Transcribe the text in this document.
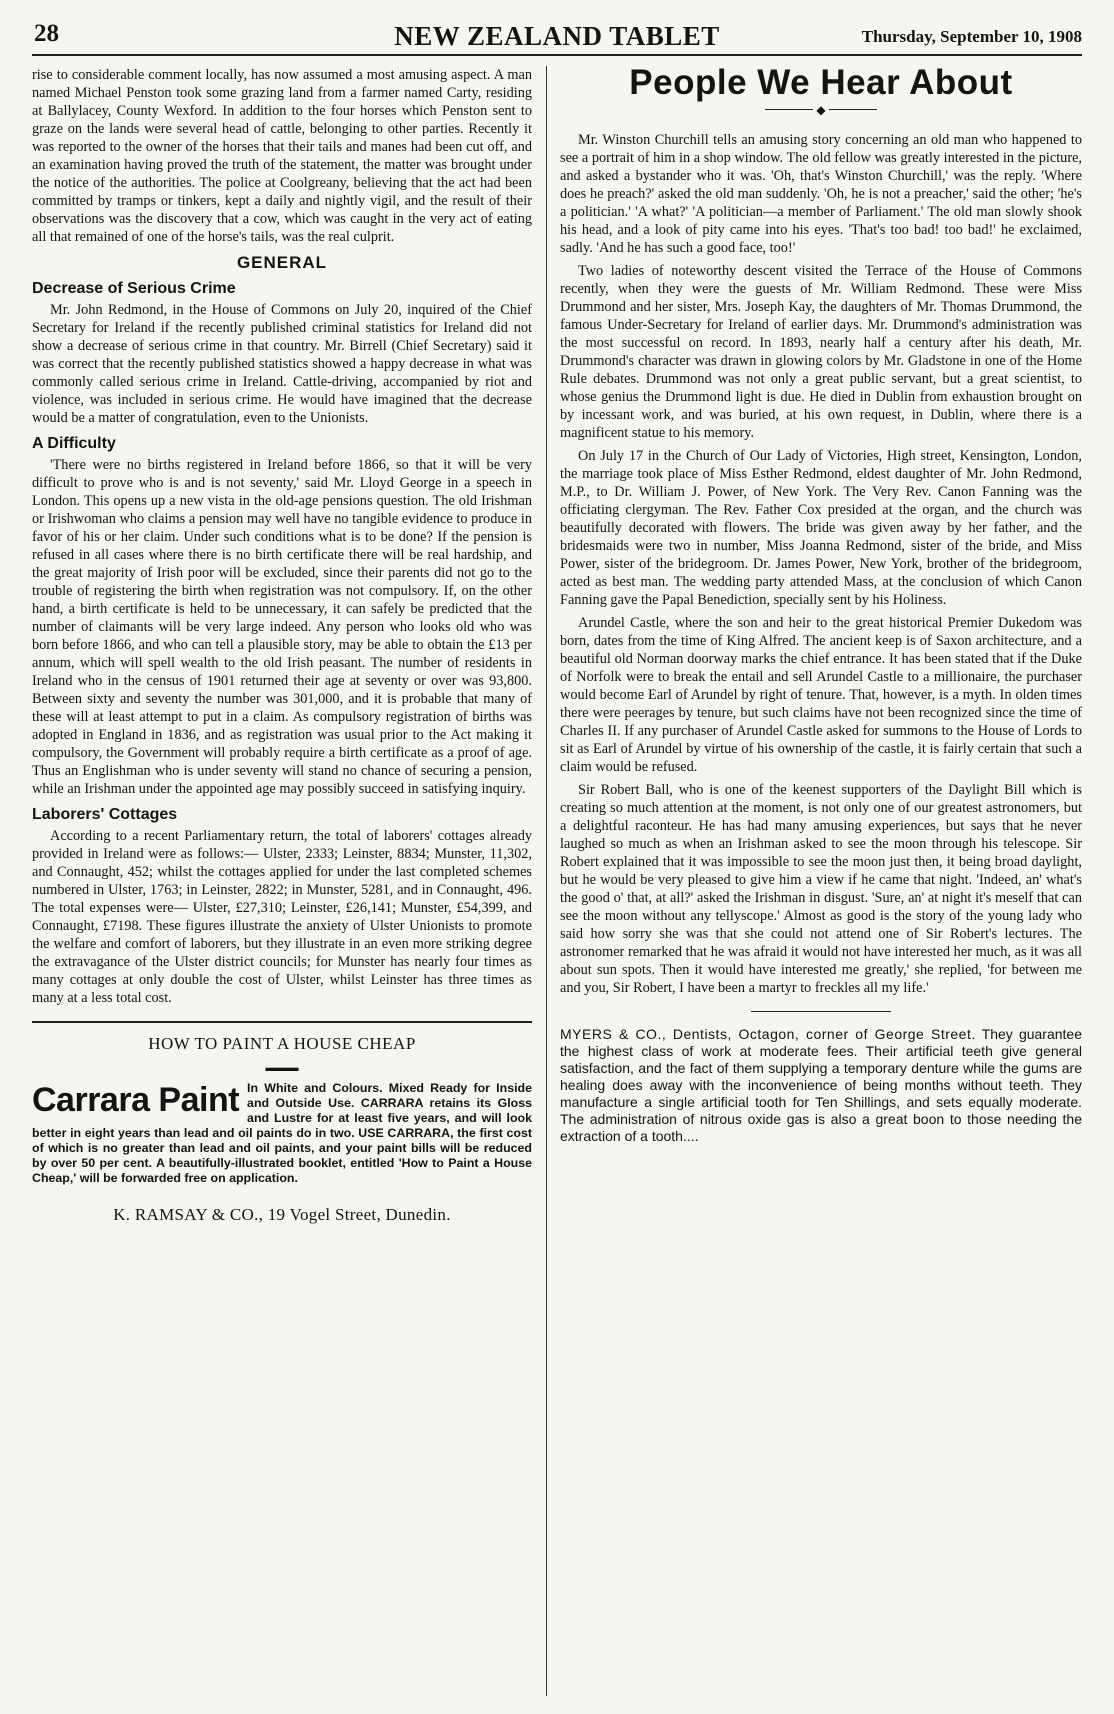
28	NEW ZEALAND TABLET	Thursday, September 10, 1908

rise to considerable comment locally, has now assumed a most amusing aspect. A man named Michael Penston took some grazing land from a farmer named Carty, residing at Ballylacey, County Wexford. In addition to the four horses which Penston sent to graze on the lands were several head of cattle, belonging to other parties. Recently it was reported to the owner of the horses that their tails and manes had been cut off, and an examination having proved the truth of the statement, the matter was brought under the notice of the authorities. The police at Coolgreany, believing that the act had been committed by tramps or tinkers, kept a daily and nightly vigil, and the result of their observations was the discovery that a cow, which was caught in the very act of eating all that remained of one of the horse's tails, was the real culprit.

GENERAL
Decrease of Serious Crime

Mr. John Redmond, in the House of Commons on July 20, inquired of the Chief Secretary for Ireland if the recently published criminal statistics for Ireland did not show a decrease of serious crime in that country. Mr. Birrell (Chief Secretary) said it was correct that the recently published statistics showed a happy decrease in what was commonly called serious crime in Ireland. Cattle-driving, accompanied by riot and violence, was included in serious crime. He would have imagined that the decrease would be a matter of congratulation, even to the Unionists.

A Difficulty

'There were no births registered in Ireland before 1866, so that it will be very difficult to prove who is and is not seventy,' said Mr. Lloyd George in a speech in London. This opens up a new vista in the old-age pensions question. The old Irishman or Irishwoman who claims a pension may well have no tangible evidence to produce in favor of his or her claim. Under such conditions what is to be done? If the pension is refused in all cases where there is no birth certificate there will be real hardship, and the great majority of Irish poor will be excluded, since their parents did not go to the trouble of registering the birth when registration was not compulsory. If, on the other hand, a birth certificate is held to be unnecessary, it can safely be predicted that the number of claimants will be very large indeed. Any person who looks old who was born before 1866, and who can tell a plausible story, may be able to obtain the £13 per annum, which will spell wealth to the old Irish peasant. The number of residents in Ireland who in the census of 1901 returned their age at seventy or over was 93,800. Between sixty and seventy the number was 301,000, and it is probable that many of these will at least attempt to put in a claim. As compulsory registration of births was adopted in England in 1836, and as registration was usual prior to the Act making it compulsory, the Government will probably require a birth certificate as a proof of age. Thus an Englishman who is under seventy will stand no chance of securing a pension, while an Irishman under the appointed age may possibly succeed in satisfying inquiry.

Laborers' Cottages

According to a recent Parliamentary return, the total of laborers' cottages already provided in Ireland were as follows:— Ulster, 2333; Leinster, 8834; Munster, 11,302, and Connaught, 452; whilst the cottages applied for under the last completed schemes numbered in Ulster, 1763; in Leinster, 2822; in Munster, 5281, and in Connaught, 496. The total expenses were— Ulster, £27,310; Leinster, £26,141; Munster, £54,399, and Connaught, £7198. These figures illustrate the anxiety of Ulster Unionists to promote the welfare and comfort of laborers, but they illustrate in an even more striking degree the extravagance of the Ulster district councils; for Munster has nearly four times as many cottages at only double the cost of Ulster, whilst Leinster has three times as many at a less total cost.

HOW TO PAINT A HOUSE CHEAP
▬▬▬
Carrara Paint In White and Colours. Mixed Ready for Inside and Outside Use. CARRARA retains its Gloss and Lustre for at least five years, and will look better in eight years than lead and oil paints do in two. USE CARRARA, the first cost of which is no greater than lead and oil paints, and your paint bills will be reduced by over 50 per cent. A beautifully-illustrated booklet, entitled 'How to Paint a House Cheap,' will be forwarded free on application.
K. RAMSAY & CO., 19 Vogel Street, Dunedin.
People We Hear About
◆

Mr. Winston Churchill tells an amusing story concerning an old man who happened to see a portrait of him in a shop window. The old fellow was greatly interested in the picture, and asked a bystander who it was. 'Oh, that's Winston Churchill,' was the reply. 'Where does he preach?' asked the old man suddenly. 'Oh, he is not a preacher,' said the other; 'he's a politician.' 'A what?' 'A politician—a member of Parliament.' The old man slowly shook his head, and a look of pity came into his eyes. 'That's too bad! too bad!' he exclaimed, sadly. 'And he has such a good face, too!'

Two ladies of noteworthy descent visited the Terrace of the House of Commons recently, when they were the guests of Mr. William Redmond. These were Miss Drummond and her sister, Mrs. Joseph Kay, the daughters of Mr. Thomas Drummond, the famous Under-Secretary for Ireland of earlier days. Mr. Drummond's administration was the most successful on record. In 1893, nearly half a century after his death, Mr. Drummond's character was drawn in glowing colors by Mr. Gladstone in one of the Home Rule debates. Drummond was not only a great public servant, but a great scientist, to whose genius the Drummond light is due. He died in Dublin from exhaustion brought on by incessant work, and was buried, at his own request, in Dublin, where there is a magnificent statue to his memory.

On July 17 in the Church of Our Lady of Victories, High street, Kensington, London, the marriage took place of Miss Esther Redmond, eldest daughter of Mr. John Redmond, M.P., to Dr. William J. Power, of New York. The Very Rev. Canon Fanning was the officiating clergyman. The Rev. Father Cox presided at the organ, and the church was beautifully decorated with flowers. The bride was given away by her father, and the bridesmaids were two in number, Miss Joanna Redmond, sister of the bride, and Miss Power, sister of the bridegroom. Dr. James Power, New York, brother of the bridegroom, acted as best man. The wedding party attended Mass, at the conclusion of which Canon Fanning gave the Papal Benediction, specially sent by his Holiness.

Arundel Castle, where the son and heir to the great historical Premier Dukedom was born, dates from the time of King Alfred. The ancient keep is of Saxon architecture, and a beautiful old Norman doorway marks the chief entrance. It has been stated that if the Duke of Norfolk were to break the entail and sell Arundel Castle to a millionaire, the purchaser would become Earl of Arundel by right of tenure. That, however, is a myth. In olden times there were peerages by tenure, but such claims have not been recognized since the time of Charles II. If any purchaser of Arundel Castle asked for summons to the House of Lords to sit as Earl of Arundel by virtue of his ownership of the castle, it is fairly certain that such a claim would be refused.

Sir Robert Ball, who is one of the keenest supporters of the Daylight Bill which is creating so much attention at the moment, is not only one of our greatest astronomers, but a delightful raconteur. He has had many amusing experiences, but says that he never laughed so much as when an Irishman asked to see the moon through his telescope. Sir Robert explained that it was impossible to see the moon just then, it being broad daylight, but he would be very pleased to give him a view if he came that night. 'Indeed, an' what's the good o' that, at all?' asked the Irishman in disgust. 'Sure, an' at night it's meself that can see the moon without any tellyscope.' Almost as good is the story of the young lady who said how sorry she was that she could not attend one of Sir Robert's lectures. The astronomer remarked that he was afraid it would not have interested her much, as it was all about sun spots. Then it would have interested me greatly,' she replied, 'for between me and you, Sir Robert, I have been a martyr to freckles all my life.'

MYERS & CO., Dentists, Octagon, corner of George Street. They guarantee the highest class of work at moderate fees. Their artificial teeth give general satisfaction, and the fact of them supplying a temporary denture while the gums are healing does away with the inconvenience of being months without teeth. They manufacture a single artificial tooth for Ten Shillings, and sets equally moderate. The administration of nitrous oxide gas is also a great boon to those needing the extraction of a tooth....
